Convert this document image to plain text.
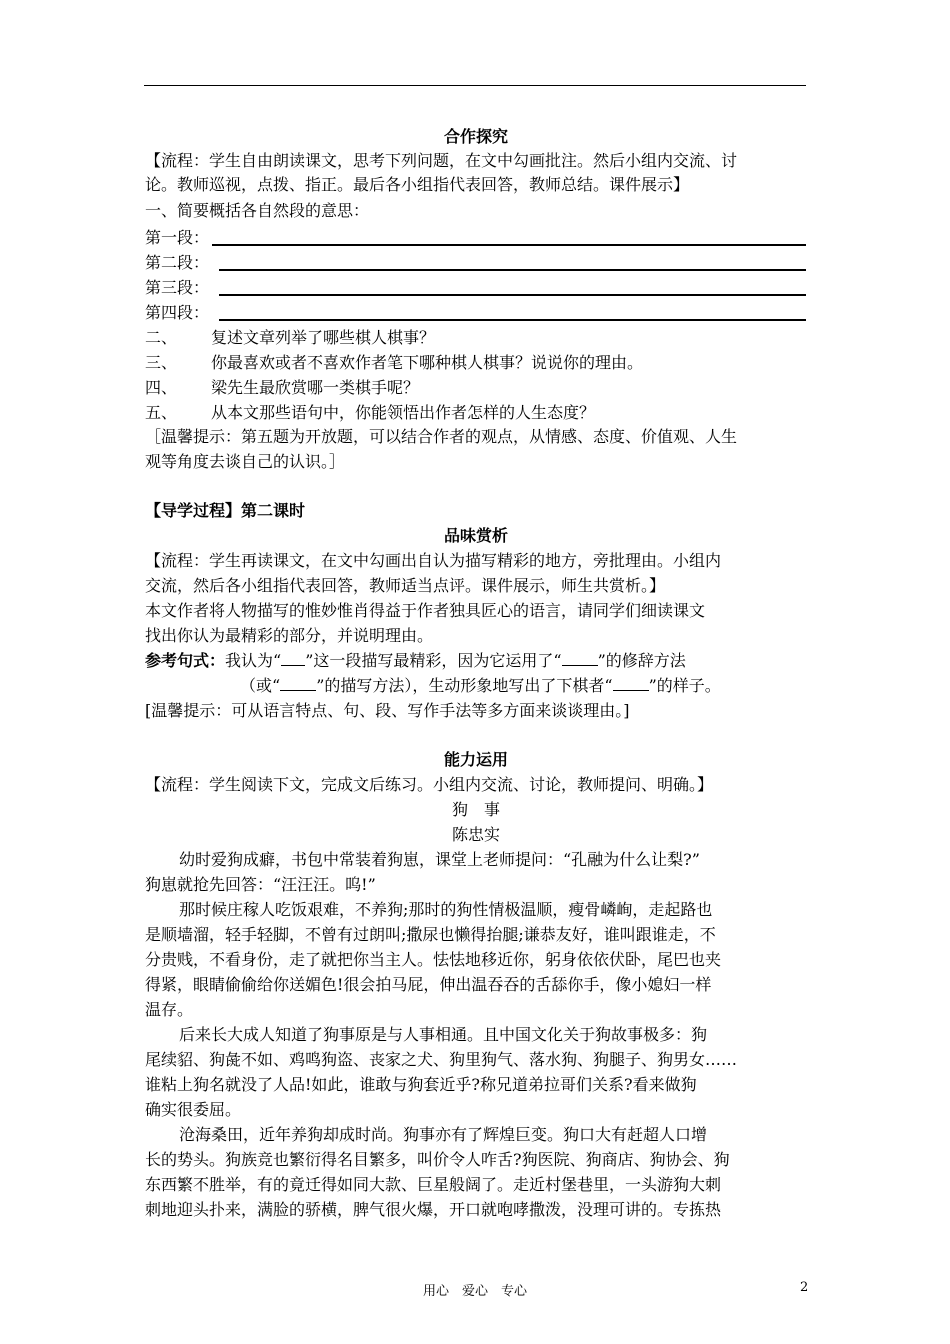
合作探究
【流程：学生自由朗读课文，思考下列问题，在文中勾画批注。然后小组内交流、讨
论。教师巡视，点拨、指正。最后各小组指代表回答，教师总结。课件展示】
一、简要概括各自然段的意思：
第一段：
第二段：
第三段：
第四段：
二、 复述文章列举了哪些棋人棋事？
三、 你最喜欢或者不喜欢作者笔下哪种棋人棋事？说说你的理由。
四、 梁先生最欣赏哪一类棋手呢？
五、 从本文那些语句中，你能领悟出作者怎样的人生态度？
［温馨提示：第五题为开放题，可以结合作者的观点，从情感、态度、价值观、人生
观等角度去谈自己的认识。］
【导学过程】第二课时
品味赏析
【流程：学生再读课文，在文中勾画出自认为描写精彩的地方，旁批理由。小组内
交流，然后各小组指代表回答，教师适当点评。课件展示，师生共赏析。】
本文作者将人物描写的惟妙惟肖得益于作者独具匠心的语言，请同学们细读课文
找出你认为最精彩的部分，并说明理由。
参考句式：我认为“ ”这一段描写最精彩，因为它运用了“ ”的修辞方法
（或“ ”的描写方法），生动形象地写出了下棋者“ ”的样子。
[温馨提示：可从语言特点、句、段、写作手法等多方面来谈谈理由。]
能力运用
【流程：学生阅读下文，完成文后练习。小组内交流、讨论，教师提问、明确。】
狗　事
陈忠实
幼时爱狗成癖，书包中常装着狗崽，课堂上老师提问：“孔融为什么让梨?”
狗崽就抢先回答：“汪汪汪。呜!”
那时候庄稼人吃饭艰难，不养狗;那时的狗性情极温顺，瘦骨嶙峋，走起路也
是顺墙溜，轻手轻脚，不曾有过朗叫;撒尿也懒得抬腿;谦恭友好，谁叫跟谁走，不
分贵贱，不看身份，走了就把你当主人。怯怯地移近你，躬身依依伏卧，尾巴也夹
得紧，眼睛偷偷给你送媚色!很会拍马屁，伸出温吞吞的舌舔你手，像小媳妇一样
温存。
后来长大成人知道了狗事原是与人事相通。且中国文化关于狗故事极多：狗
尾续貂、狗彘不如、鸡鸣狗盗、丧家之犬、狗里狗气、落水狗、狗腿子、狗男女……
谁粘上狗名就没了人品!如此，谁敢与狗套近乎?称兄道弟拉哥们关系?看来做狗
确实很委屈。
沧海桑田，近年养狗却成时尚。狗事亦有了辉煌巨变。狗口大有赶超人口增
长的势头。狗族竞也繁衍得名目繁多，叫价令人咋舌?狗医院、狗商店、狗协会、狗
东西繁不胜举，有的竟迁得如同大款、巨星般阔了。走近村堡巷里，一头游狗大刺
刺地迎头扑来，满脸的骄横，脾气很火爆，开口就咆哮撒泼，没理可讲的。专拣热
用心　爱心　专心	2
